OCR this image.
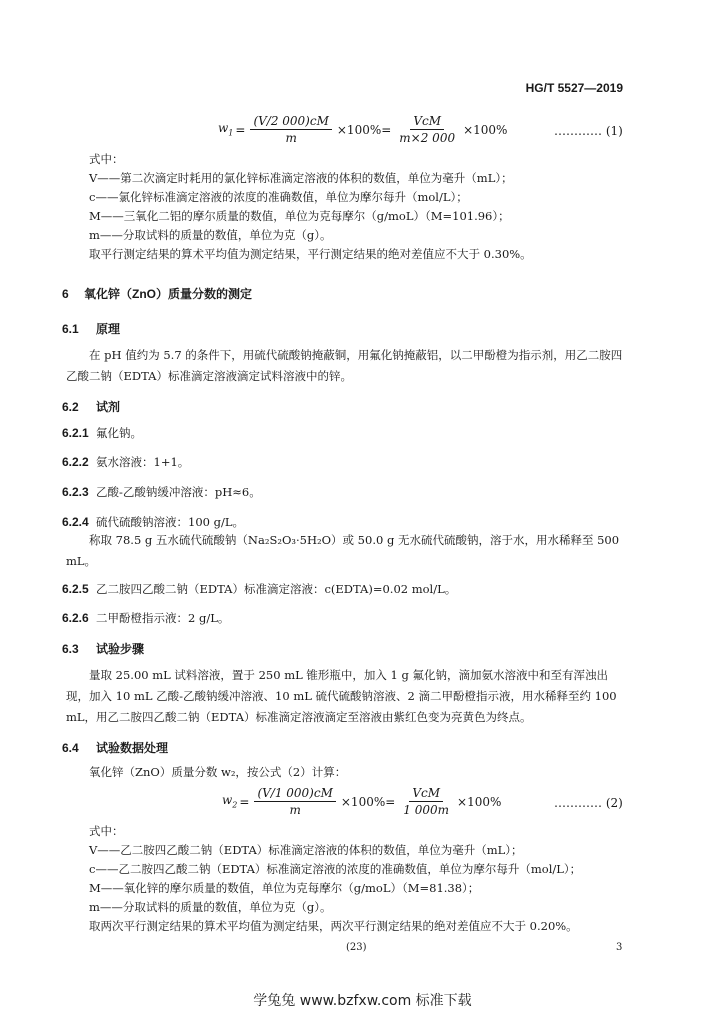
HG/T 5527—2019
$w_1 = \frac{(V/2 000)cM}{m} \times 100\%= \frac{\text{VcM}}{m\times 2 000} \times 100\%$	………… (1)
式中：
V——第二次滴定时耗用的氯化锌标准滴定溶液的体积的数值，单位为毫升（mL）；
c——氯化锌标准滴定溶液的浓度的准确数值，单位为摩尔每升（mol/L）；
M——三氧化二铝的摩尔质量的数值，单位为克每摩尔（g/moL）（M=101.96）；
m——分取试料的质量的数值，单位为克（g）。
取平行测定结果的算术平均值为测定结果，平行测定结果的绝对差值应不大于 0.30%。
6 氧化锌（ZnO）质量分数的测定
6.1 原理
在 pH 值约为 5.7 的条件下，用硫代硫酸钠掩蔽铜，用氟化钠掩蔽铝，以二甲酚橙为指示剂，用乙二胺四乙酸二钠（EDTA）标准滴定溶液滴定试料溶液中的锌。
6.2 试剂
6.2.1 氟化钠。
6.2.2 氨水溶液：1+1。
6.2.3 乙酸-乙酸钠缓冲溶液：pH≈6。
6.2.4 硫代硫酸钠溶液：100 g/L。
称取 78.5 g 五水硫代硫酸钠（Na₂S₂O₃·5H₂O）或 50.0 g 无水硫代硫酸钠，溶于水，用水稀释至 500 mL。
6.2.5 乙二胺四乙酸二钠（EDTA）标准滴定溶液：c(EDTA)=0.02 mol/L。
6.2.6 二甲酚橙指示液：2 g/L。
6.3 试验步骤
量取 25.00 mL 试料溶液，置于 250 mL 锥形瓶中，加入 1 g 氟化钠，滴加氨水溶液中和至有浑浊出现，加入 10 mL 乙酸-乙酸钠缓冲溶液、10 mL 硫代硫酸钠溶液、2 滴二甲酚橙指示液，用水稀释至约 100 mL，用乙二胺四乙酸二钠（EDTA）标准滴定溶液滴定至溶液由紫红色变为亮黄色为终点。
6.4 试验数据处理
氧化锌（ZnO）质量分数 w₂，按公式（2）计算：
$w_2 = \frac{(V/1 000)cM}{m} \times 100\%= \frac{\text{VcM}}{1 000m} \times 100\%$	………… (2)
式中：
V——乙二胺四乙酸二钠（EDTA）标准滴定溶液的体积的数值，单位为毫升（mL）；
c——乙二胺四乙酸二钠（EDTA）标准滴定溶液的浓度的准确数值，单位为摩尔每升（mol/L）；
M——氧化锌的摩尔质量的数值，单位为克每摩尔（g/moL）（M=81.38）；
m——分取试料的质量的数值，单位为克（g）。
取两次平行测定结果的算术平均值为测定结果，两次平行测定结果的绝对差值应不大于 0.20%。
(23)	3
学兔兔 www.bzfxw.com 标准下载
